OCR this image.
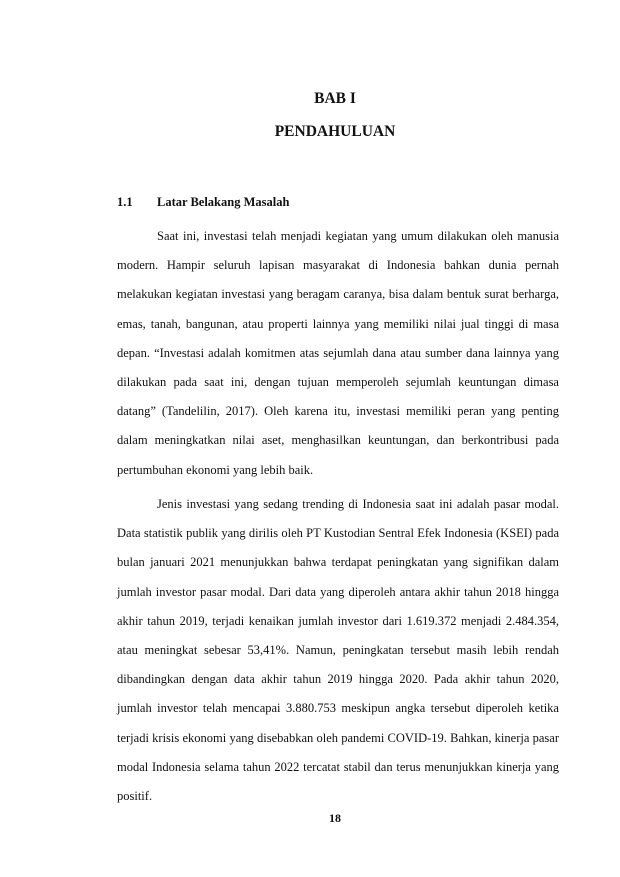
BAB I
PENDAHULUAN
1.1 Latar Belakang Masalah

Saat ini, investasi telah menjadi kegiatan yang umum dilakukan oleh manusia modern. Hampir seluruh lapisan masyarakat di Indonesia bahkan dunia pernah melakukan kegiatan investasi yang beragam caranya, bisa dalam bentuk surat berharga, emas, tanah, bangunan, atau properti lainnya yang memiliki nilai jual tinggi di masa depan. “Investasi adalah komitmen atas sejumlah dana atau sumber dana lainnya yang dilakukan pada saat ini, dengan tujuan memperoleh sejumlah keuntungan dimasa datang” (Tandelilin, 2017). Oleh karena itu, investasi memiliki peran yang penting dalam meningkatkan nilai aset, menghasilkan keuntungan, dan berkontribusi pada pertumbuhan ekonomi yang lebih baik.

Jenis investasi yang sedang trending di Indonesia saat ini adalah pasar modal. Data statistik publik yang dirilis oleh PT Kustodian Sentral Efek Indonesia (KSEI) pada bulan januari 2021 menunjukkan bahwa terdapat peningkatan yang signifikan dalam jumlah investor pasar modal. Dari data yang diperoleh antara akhir tahun 2018 hingga akhir tahun 2019, terjadi kenaikan jumlah investor dari 1.619.372 menjadi 2.484.354, atau meningkat sebesar 53,41%. Namun, peningkatan tersebut masih lebih rendah dibandingkan dengan data akhir tahun 2019 hingga 2020. Pada akhir tahun 2020, jumlah investor telah mencapai 3.880.753 meskipun angka tersebut diperoleh ketika terjadi krisis ekonomi yang disebabkan oleh pandemi COVID-19. Bahkan, kinerja pasar modal Indonesia selama tahun 2022 tercatat stabil dan terus menunjukkan kinerja yang positif.

18
